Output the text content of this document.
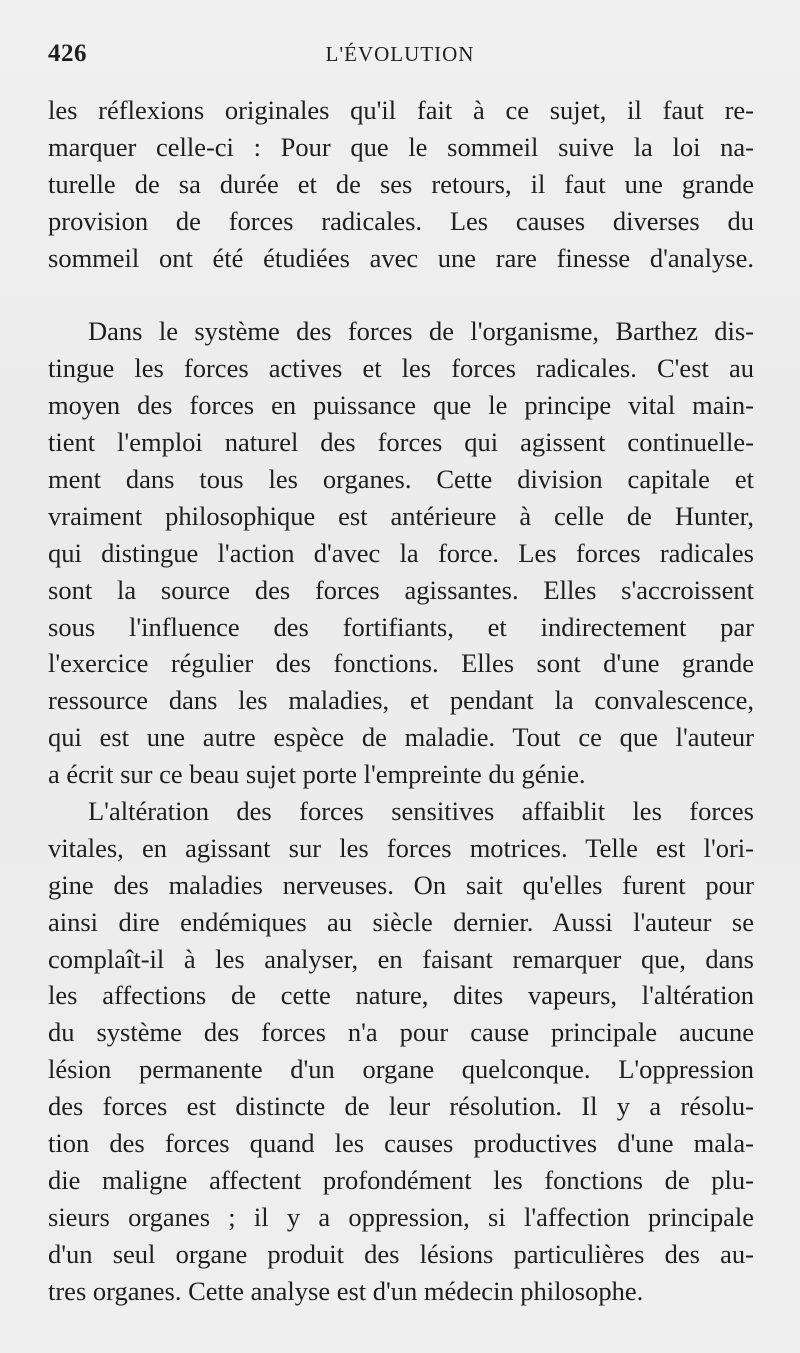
426	L'ÉVOLUTION
les réflexions originales qu'il fait à ce sujet, il faut re-
marquer celle-ci : Pour que le sommeil suive la loi na-
turelle de sa durée et de ses retours, il faut une grande
provision de forces radicales. Les causes diverses du
sommeil ont été étudiées avec une rare finesse d'analyse.
Dans le système des forces de l'organisme, Barthez dis-
tingue les forces actives et les forces radicales. C'est au
moyen des forces en puissance que le principe vital main-
tient l'emploi naturel des forces qui agissent continuelle-
ment dans tous les organes. Cette division capitale et
vraiment philosophique est antérieure à celle de Hunter,
qui distingue l'action d'avec la force. Les forces radicales
sont la source des forces agissantes. Elles s'accroissent
sous l'influence des fortifiants, et indirectement par
l'exercice régulier des fonctions. Elles sont d'une grande
ressource dans les maladies, et pendant la convalescence,
qui est une autre espèce de maladie. Tout ce que l'auteur
a écrit sur ce beau sujet porte l'empreinte du génie.
L'altération des forces sensitives affaiblit les forces
vitales, en agissant sur les forces motrices. Telle est l'ori-
gine des maladies nerveuses. On sait qu'elles furent pour
ainsi dire endémiques au siècle dernier. Aussi l'auteur se
complaît-il à les analyser, en faisant remarquer que, dans
les affections de cette nature, dites vapeurs, l'altération
du système des forces n'a pour cause principale aucune
lésion permanente d'un organe quelconque. L'oppression
des forces est distincte de leur résolution. Il y a résolu-
tion des forces quand les causes productives d'une mala-
die maligne affectent profondément les fonctions de plu-
sieurs organes ; il y a oppression, si l'affection principale
d'un seul organe produit des lésions particulières des au-
tres organes. Cette analyse est d'un médecin philosophe.
